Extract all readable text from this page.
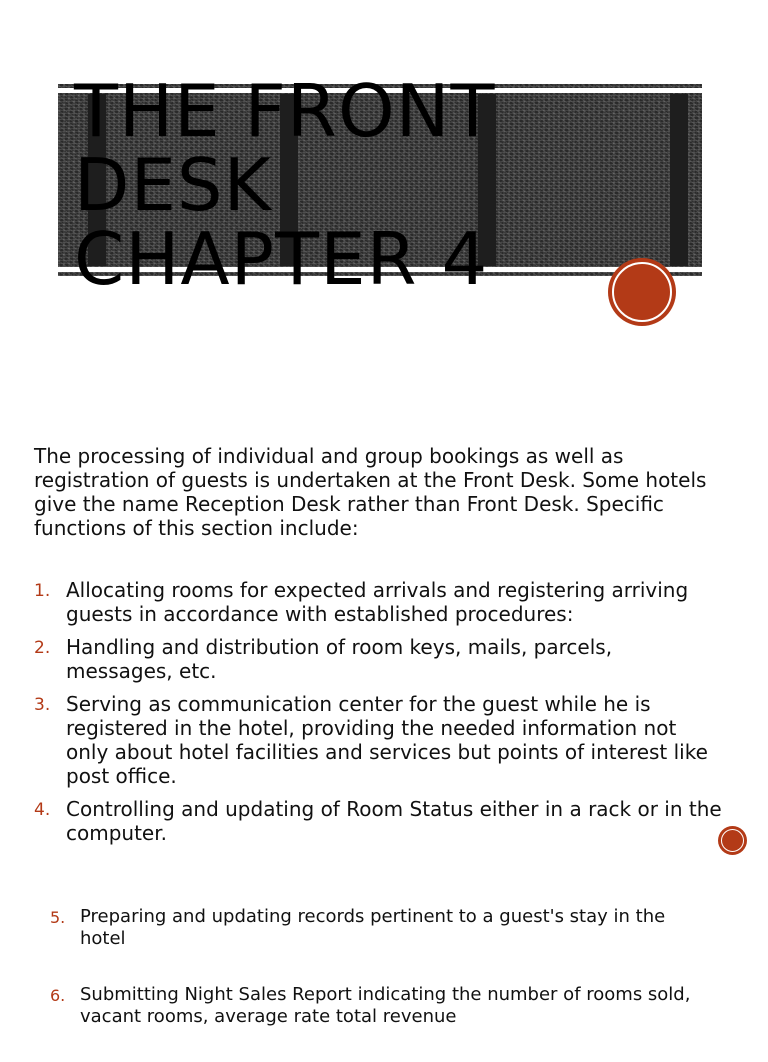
THE FRONT
DESK
CHAPTER 4

The processing of individual and group bookings as well as registration of guests is undertaken at the Front Desk. Some hotels give the name Reception Desk rather than Front Desk. Specific functions of this section include:

1. Allocating rooms for expected arrivals and registering arriving guests in accordance with established procedures:
2. Handling and distribution of room keys, mails, parcels, messages, etc.
3. Serving as communication center for the guest while he is registered in the hotel, providing the needed information not only about hotel facilities and services but points of interest like post office.
4. Controlling and updating of Room Status either in a rack or in the computer.
5. Preparing and updating records pertinent to a guest's stay in the hotel
6. Submitting Night Sales Report indicating the number of rooms sold, vacant rooms, average rate total revenue
